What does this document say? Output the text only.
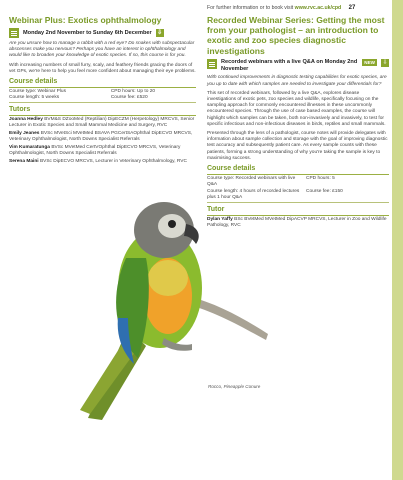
For further information or to book visit www.rvc.ac.uk/cpd 27
Webinar Plus: Exotics ophthalmology
Monday 2nd November to Sunday 6th December ⇩

Are you unsure how to manage a rabbit with a red eye? Do snakes with subspectacular abscesses make you nervous? Perhaps you have an interest in ophthalmology and would like to broaden your knowledge of exotic species. If so, this course is for you.

With increasing numbers of small furry, scaly, and feathery friends gracing the doors of vet GPs, we're here to help you feel more confident about managing their eye problems.

Course details
Course type: Webinar Plus	CPD hours: Up to 20
Course length: 5 weeks	Course fee: £520
Tutors

Joanna Hedley BVM&S DZooMed (Reptilian) DipECZM (Herpetology) MRCVS, Senior Lecturer in Exotic Species and Small Mammal Medicine and Surgery, RVC

Emily Jeanes BVSc MVetSci MVetMed BSAVA PGCertSAOphthal DipECVO MRCVS, Veterinary Ophthalmologist, North Downs Specialist Referrals

Vim Kumaratunga BVSc MVetMed CertVOphthal DipECVO MRCVS, Veterinary Ophthalmologist, North Downs Specialist Referrals

Serena Maini BVSc DipECVO MRCVS, Lecturer in Veterinary Ophthalmology, RVC

Recorded Webinar Series: Getting the most from your pathologist – an introduction to exotic and zoo species diagnostic investigations
Recorded webinars with a live Q&A on Monday 2nd November
NEW	⇩

With continued improvements in diagnostic testing capabilities for exotic species, are you up to date with which samples are needed to investigate your differentials for?

This set of recorded webinars, followed by a live Q&A, explores disease investigations of exotic pets, zoo species and wildlife, specifically focusing on the sampling approach for commonly encountered illnesses in these uncommonly encountered species. Through the use of case based examples, the course will highlight which samples can be taken, both non-invasively and invasively, to test for specific infectious and non-infectious diseases in birds, reptiles and small mammals.

Presented through the lens of a pathologist, course notes will provide delegates with information about sample collection and storage with the goal of improving diagnostic test accuracy and subsequently patient care. As every sample counts with these patients, forming a strong understanding of why you're taking the sample is key to maximising success.

Course details
Course type: Recorded webinars with live Q&A
CPD hours: 5
Course length: 4 hours of recorded lectures plus 1 hour Q&A
Course fee: £150
Tutor

Dylan Yaffy BSc BVetMed MVetMed DipACVP MRCVS, Lecturer in Zoo and Wildlife Pathology, RVC

Rocco, Pineapple Conure
